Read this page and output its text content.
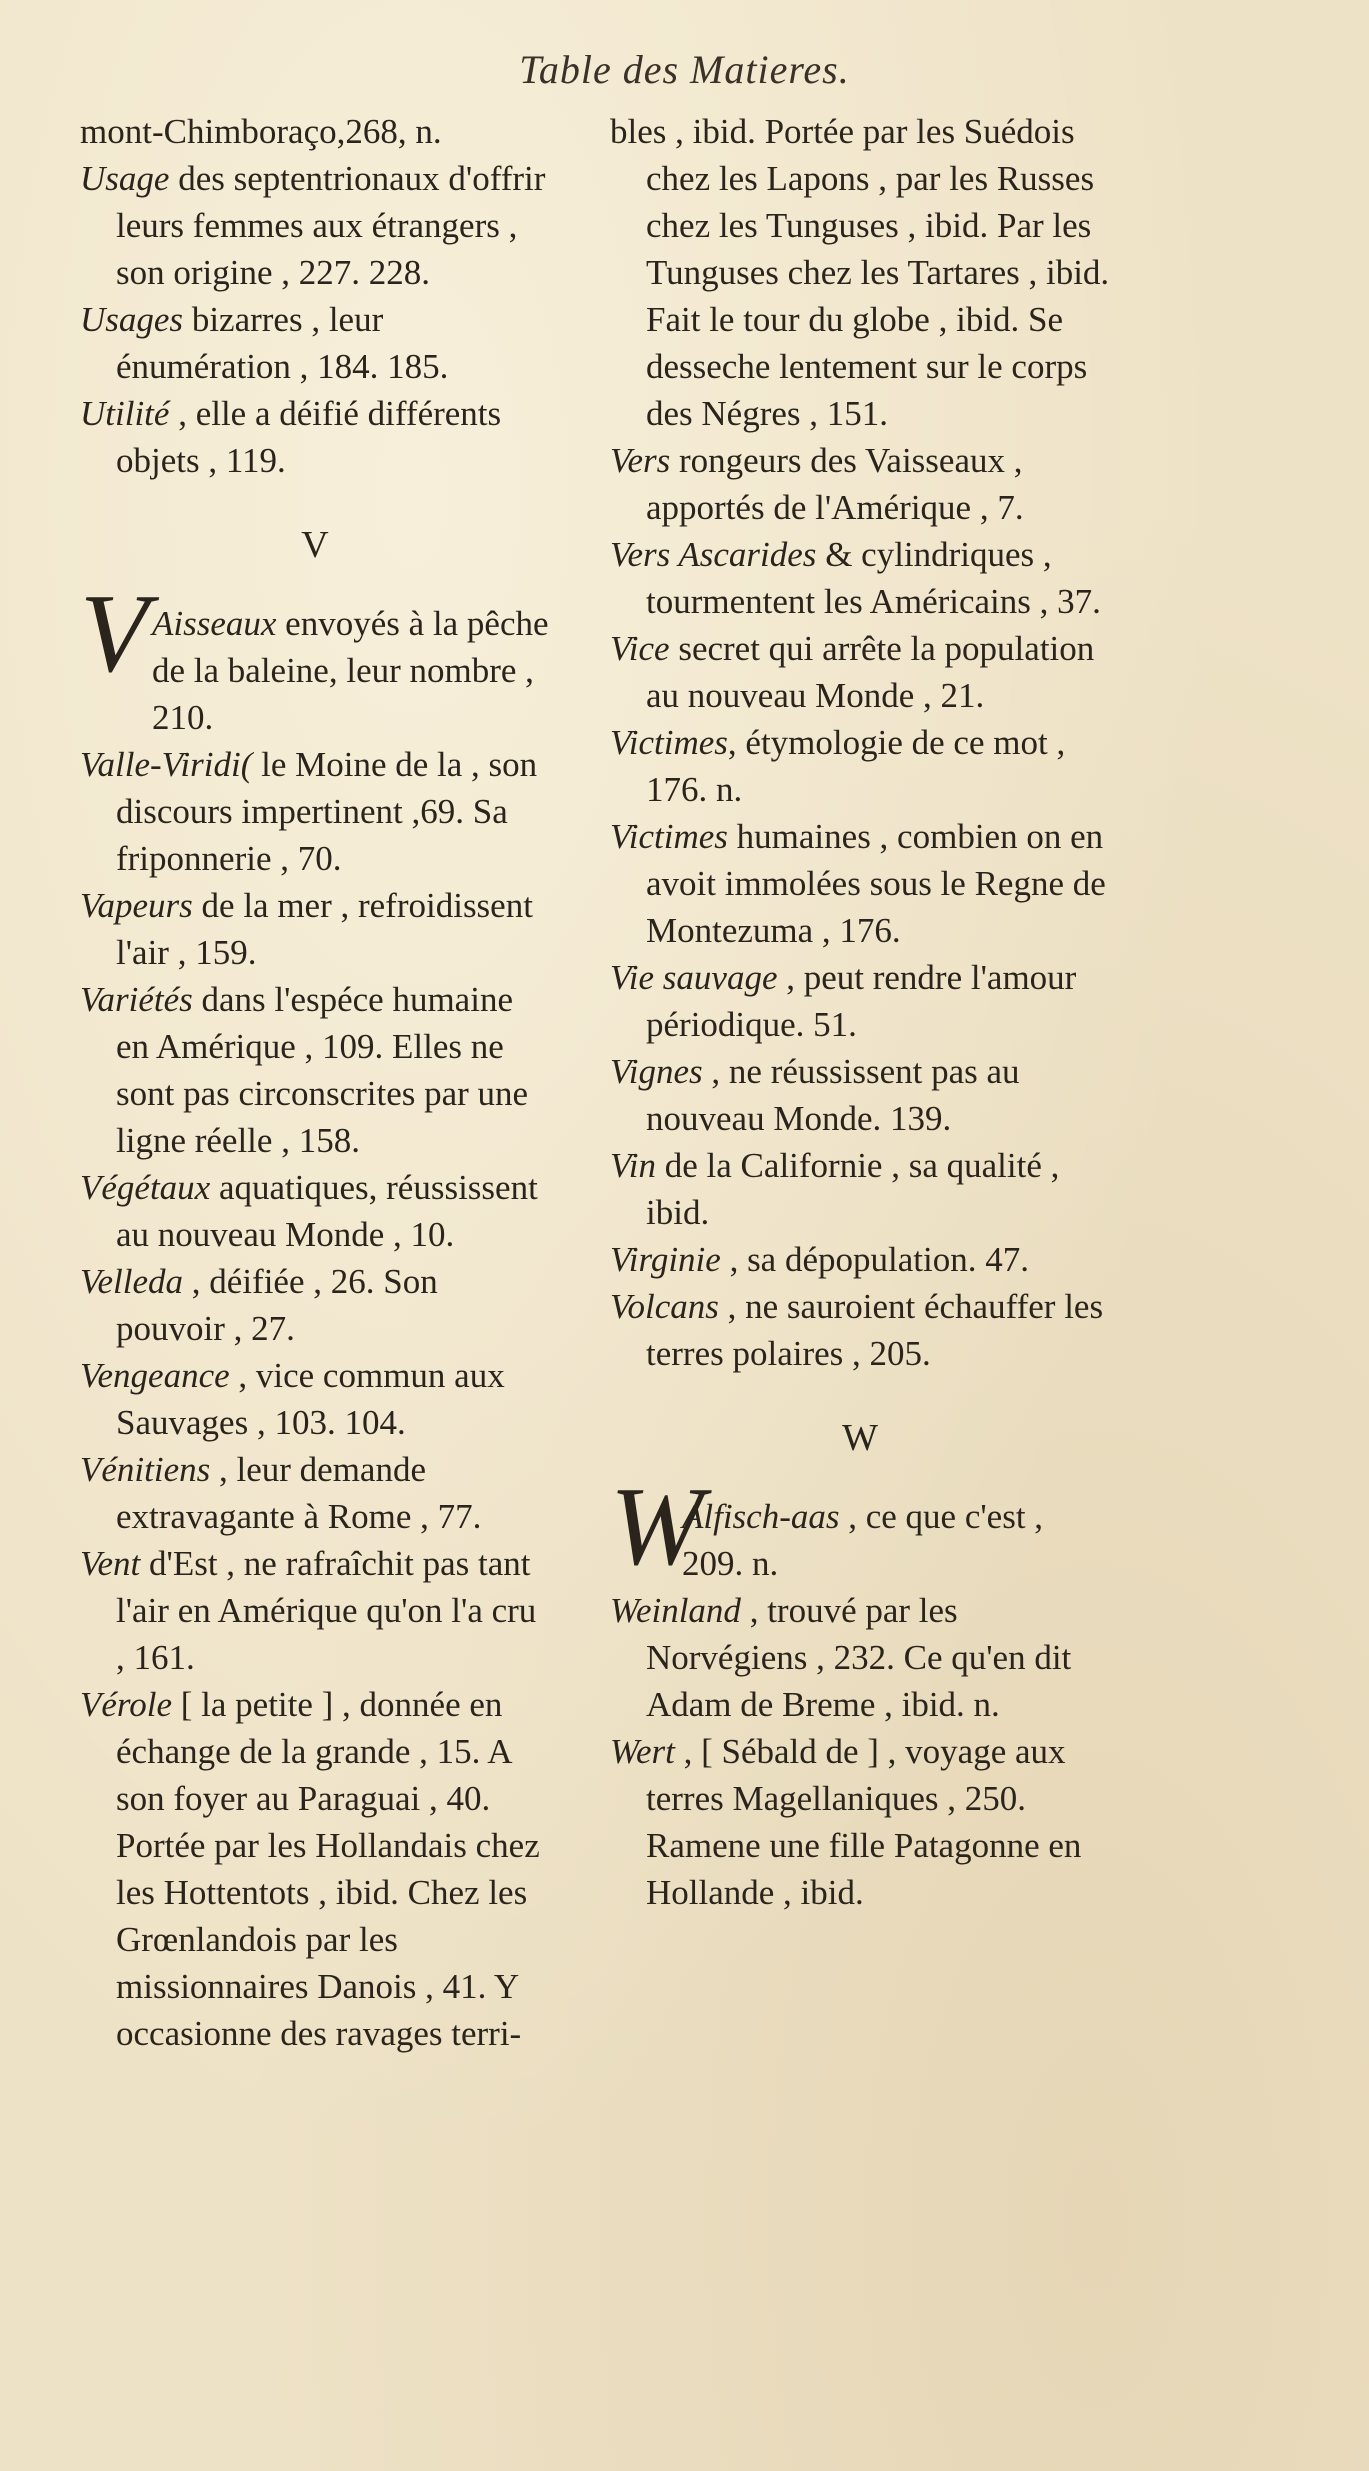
Table des Matieres.

mont-Chimboraço,268, n.

Usage des septentrionaux d'offrir leurs femmes aux étrangers , son origine , 227. 228.

Usages bizarres , leur énumération , 184. 185.

Utilité , elle a déifié différents objets , 119.

V

V Aisseaux envoyés à la pêche de la baleine, leur nombre , 210.

Valle-Viridi( le Moine de la , son discours impertinent ,69. Sa friponnerie , 70.

Vapeurs de la mer , refroidissent l'air , 159.

Variétés dans l'espéce humaine en Amérique , 109. Elles ne sont pas circonscrites par une ligne réelle , 158.

Végétaux aquatiques, réussissent au nouveau Monde , 10.

Velleda , déifiée , 26. Son pouvoir , 27.

Vengeance , vice commun aux Sauvages , 103. 104.

Vénitiens , leur demande extravagante à Rome , 77.

Vent d'Est , ne rafraîchit pas tant l'air en Amérique qu'on l'a cru , 161.

Vérole [ la petite ] , donnée en échange de la grande , 15. A son foyer au Paraguai , 40. Portée par les Hollandais chez les Hottentots , ibid. Chez les Grœnlandois par les missionnaires Danois , 41. Y occasionne des ravages terri-

bles , ibid. Portée par les Suédois chez les Lapons , par les Russes chez les Tunguses , ibid. Par les Tunguses chez les Tartares , ibid. Fait le tour du globe , ibid. Se desseche lentement sur le corps des Négres , 151.

Vers rongeurs des Vaisseaux , apportés de l'Amérique , 7.

Vers Ascarides & cylindriques , tourmentent les Américains , 37.

Vice secret qui arrête la population au nouveau Monde , 21.

Victimes, étymologie de ce mot , 176. n.

Victimes humaines , combien on en avoit immolées sous le Regne de Montezuma , 176.

Vie sauvage , peut rendre l'amour périodique. 51.

Vignes , ne réussissent pas au nouveau Monde. 139.

Vin de la Californie , sa qualité , ibid.

Virginie , sa dépopulation. 47.

Volcans , ne sauroient échauffer les terres polaires , 205.

W

W
Alfisch-aas , ce que c'est , 209. n.

Weinland , trouvé par les Norvégiens , 232. Ce qu'en dit Adam de Breme , ibid. n.

Wert , [ Sébald de ] , voyage aux terres Magellaniques , 250. Ramene une fille Patagonne en Hollande , ibid.
